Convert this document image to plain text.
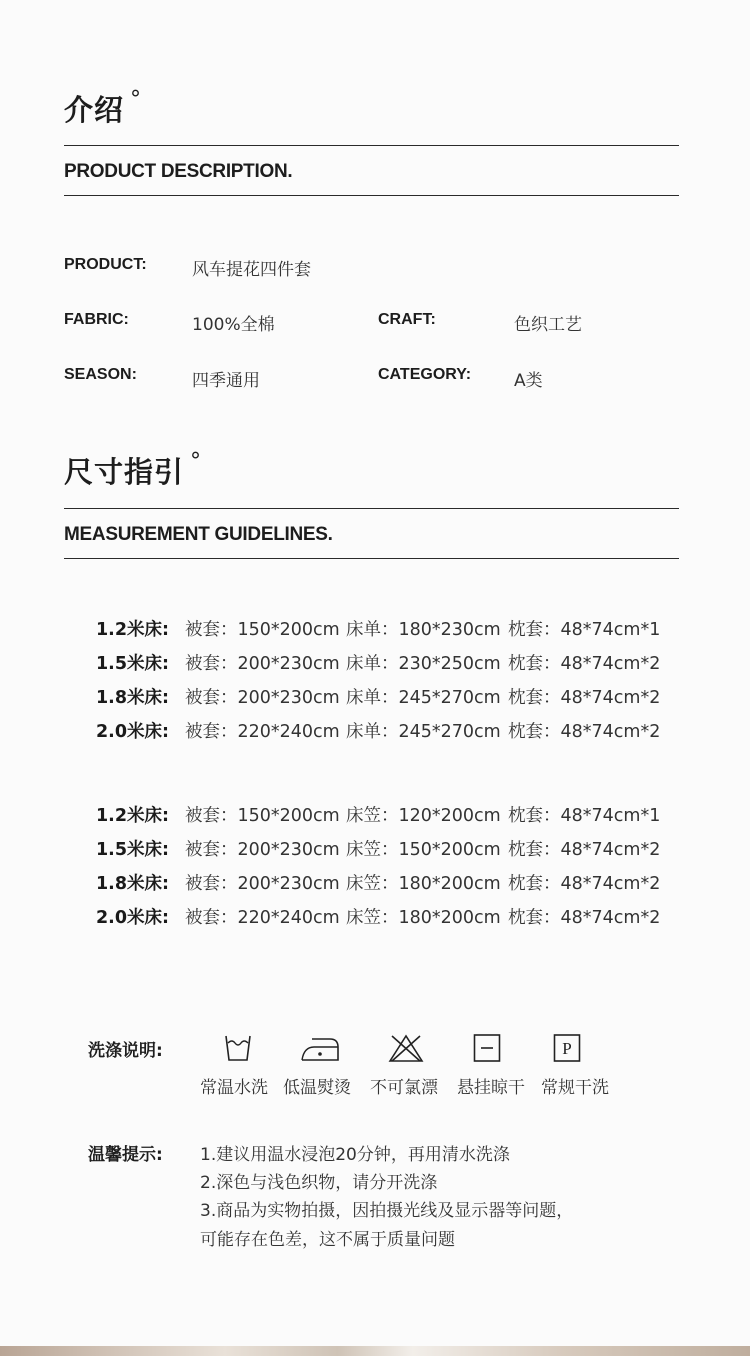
介绍 °
PRODUCT DESCRIPTION.
PRODUCT:	风车提花四件套
FABRIC:	100%全棉	CRAFT:	色织工艺
SEASON:	四季通用	CATEGORY:	A类
尺寸指引 °
MEASUREMENT GUIDELINES.
1.2米床: 被套：150*200cm 床单：180*230cm 枕套：48*74cm*1
1.5米床: 被套：200*230cm 床单：230*250cm 枕套：48*74cm*2
1.8米床: 被套：200*230cm 床单：245*270cm 枕套：48*74cm*2
2.0米床: 被套：220*240cm 床单：245*270cm 枕套：48*74cm*2
1.2米床: 被套：150*200cm 床笠：120*200cm 枕套：48*74cm*1
1.5米床: 被套：200*230cm 床笠：150*200cm 枕套：48*74cm*2
1.8米床: 被套：200*230cm 床笠：180*200cm 枕套：48*74cm*2
2.0米床: 被套：220*240cm 床笠：180*200cm 枕套：48*74cm*2
洗涤说明:	P
常温水洗 低温熨烫 不可氯漂 悬挂晾干 常规干洗
温馨提示: 1.建议用温水浸泡20分钟，再用清水洗涤
2.深色与浅色织物，请分开洗涤
3.商品为实物拍摄，因拍摄光线及显示器等问题，
可能存在色差，这不属于质量问题
